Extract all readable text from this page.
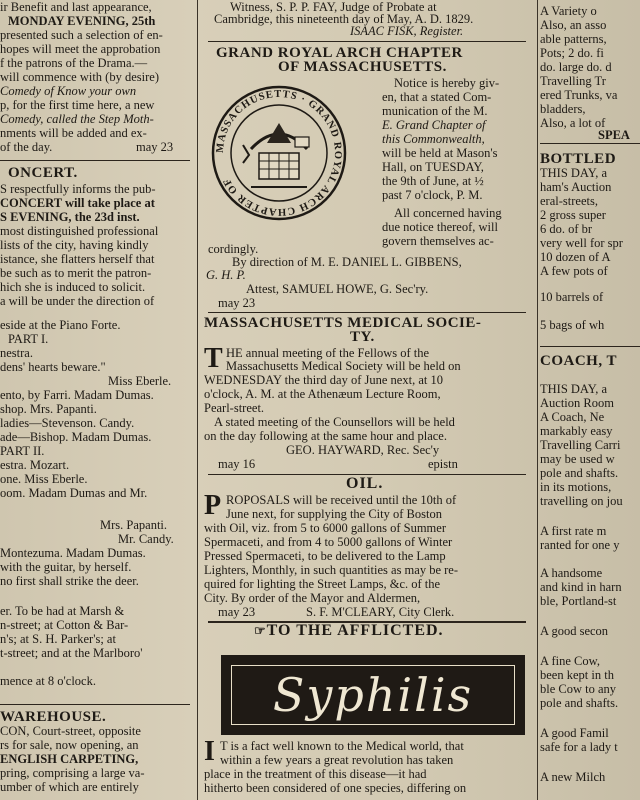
ir Benefit and last appearance,
MONDAY EVENING, 25th
presented such a selection of en-
hopes will meet the approbation
f the patrons of the Drama.—
will commence with (by desire)
Comedy of Know your own
p, for the first time here, a new
Comedy, called the Step Moth-
nments will be added and ex-
of the day.
ONCERT.
S respectfully informs the pub-
CONCERT will take place at
S EVENING, the 23d inst.
most distinguished professional
lists of the city, having kindly
istance, she flatters herself that
be such as to merit the patron-
hich she is induced to solicit.
a will be under the direction of
eside at the Piano Forte.
PART I.
nestra.
dens' hearts beware."
Miss Eberle.
ento, by Farri. Madam Dumas.
shop. Mrs. Papanti.
ladies—Stevenson. Candy.
ade—Bishop. Madam Dumas.
PART II.
estra. Mozart.
one. Miss Eberle.
oom. Madam Dumas and Mr.
Mrs. Papanti.
Mr. Candy.
Montezuma. Madam Dumas.
with the guitar, by herself.
no first shall strike the deer.
er. To be had at Marsh &
n-street; at Cotton & Bar-
n's; at S. H. Parker's; at
t-street; and at the Marlboro'
mence at 8 o'clock.
WAREHOUSE.
CON, Court-street, opposite
rs for sale, now opening, an
ENGLISH CARPETING,
pring, comprising a large va-
umber of which are entirely
may 23
Witness, S. P. P. FAY, Judge of Probate at
Cambridge, this nineteenth day of May, A. D. 1829.
ISAAC FISK, Register.
GRAND ROYAL ARCH CHAPTER
OF MASSACHUSETTS.
Notice is hereby giv-
en, that a stated Com-
munication of the M.
E. Grand Chapter of
this Commonwealth,
will be held at Mason's
Hall, on TUESDAY,
the 9th of June, at ½
past 7 o'clock, P. M.
All concerned having
due notice thereof, will
govern themselves ac-
cordingly.
By direction of M. E. DANIEL L. GIBBENS,
G. H. P.
Attest, SAMUEL HOWE, G. Sec'ry.
may 23
MASSACHUSETTS MEDICAL SOCIE-
TY.
T HE annual meeting of the Fellows of the
Massachusetts Medical Society will be held on
WEDNESDAY the third day of June next, at 10
o'clock, A. M. at the Athenæum Lecture Room,
Pearl-street.
A stated meeting of the Counsellors will be held
on the day following at the same hour and place.
GEO. HAYWARD, Rec. Sec'y
may 16	epistn
OIL.
P ROPOSALS will be received until the 10th of
June next, for supplying the City of Boston
with Oil, viz. from 5 to 6000 gallons of Summer
Spermaceti, and from 4 to 5000 gallons of Winter
Pressed Spermaceti, to be delivered to the Lamp
Lighters, Monthly, in such quantities as may be re-
quired for lighting the Street Lamps, &c. of the
City. By order of the Mayor and Aldermen,
may 23	S. F. M'CLEARY, City Clerk.
☞TO THE AFFLICTED.
I T is a fact well known to the Medical world, that
within a few years a great revolution has taken
place in the treatment of this disease—it had
hitherto been considered of one species, differing on
MASSACHUSETTS · GRAND ROYAL ARCH CHAPTER OF
Syphilis
A Variety o
Also, an asso
able patterns,
Pots; 2 do. fi
do. large do. d
Travelling Tr
ered Trunks, va
bladders,
Also, a lot of
SPEA
BOTTLED
THIS DAY, a
ham's Auction
eral-streets,
2 gross super
6 do. of br
very well for spr
10 dozen of A
A few pots of
10 barrels of
5 bags of wh
COACH, T
THIS DAY, a
Auction Room
A Coach, Ne
markably easy
Travelling Carri
may be used w
pole and shafts.
in its motions,
travelling on jou
A first rate m
ranted for one y
A handsome
and kind in harn
ble, Portland-st
A good secon
A fine Cow,
been kept in th
ble Cow to any
pole and shafts.
A good Famil
safe for a lady t
A new Milch
